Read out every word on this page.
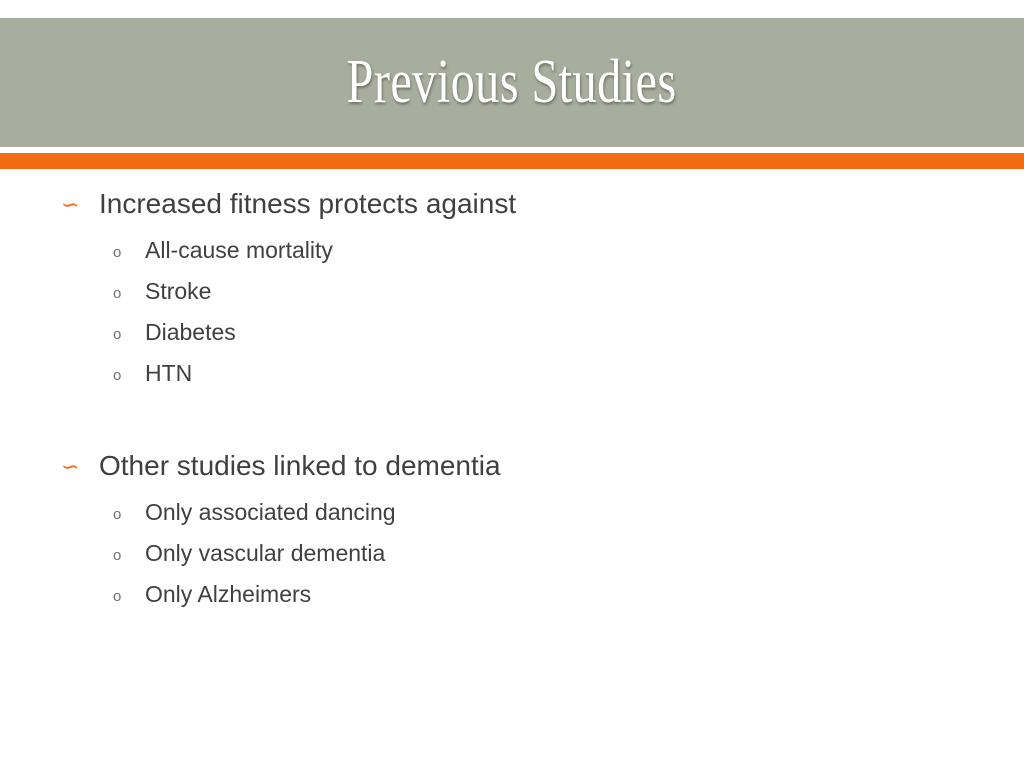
Previous Studies
∽ Increased fitness protects against
o	All-cause mortality
o	Stroke
o	Diabetes
o	HTN
∽ Other studies linked to dementia
o	Only associated dancing
o	Only vascular dementia
o	Only Alzheimers
